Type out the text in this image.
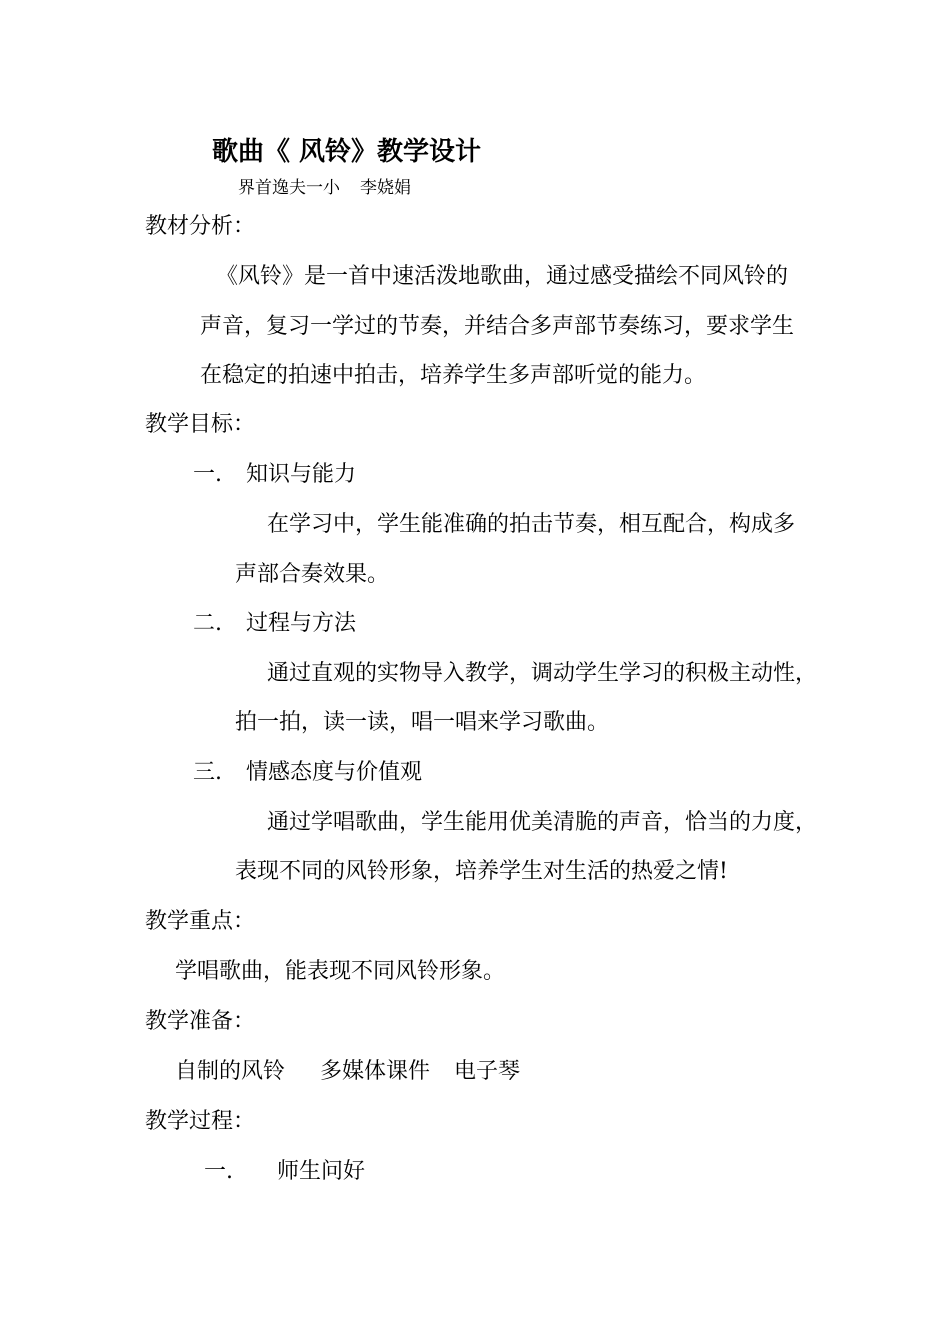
歌曲《 风铃》教学设计
界首逸夫一小 李娆娟
教材分析：
《风铃》是一首中速活泼地歌曲，通过感受描绘不同风铃的
声音，复习一学过的节奏，并结合多声部节奏练习，要求学生
在稳定的拍速中拍击，培养学生多声部听觉的能力。
教学目标：
一. 知识与能力
在学习中，学生能准确的拍击节奏，相互配合，构成多
声部合奏效果。
二. 过程与方法
通过直观的实物导入教学，调动学生学习的积极主动性，
拍一拍，读一读，唱一唱来学习歌曲。
三. 情感态度与价值观
通过学唱歌曲，学生能用优美清脆的声音，恰当的力度，
表现不同的风铃形象，培养学生对生活的热爱之情!
教学重点：
学唱歌曲，能表现不同风铃形象。
教学准备：
自制的风铃 多媒体课件 电子琴
教学过程：
一. 师生问好
